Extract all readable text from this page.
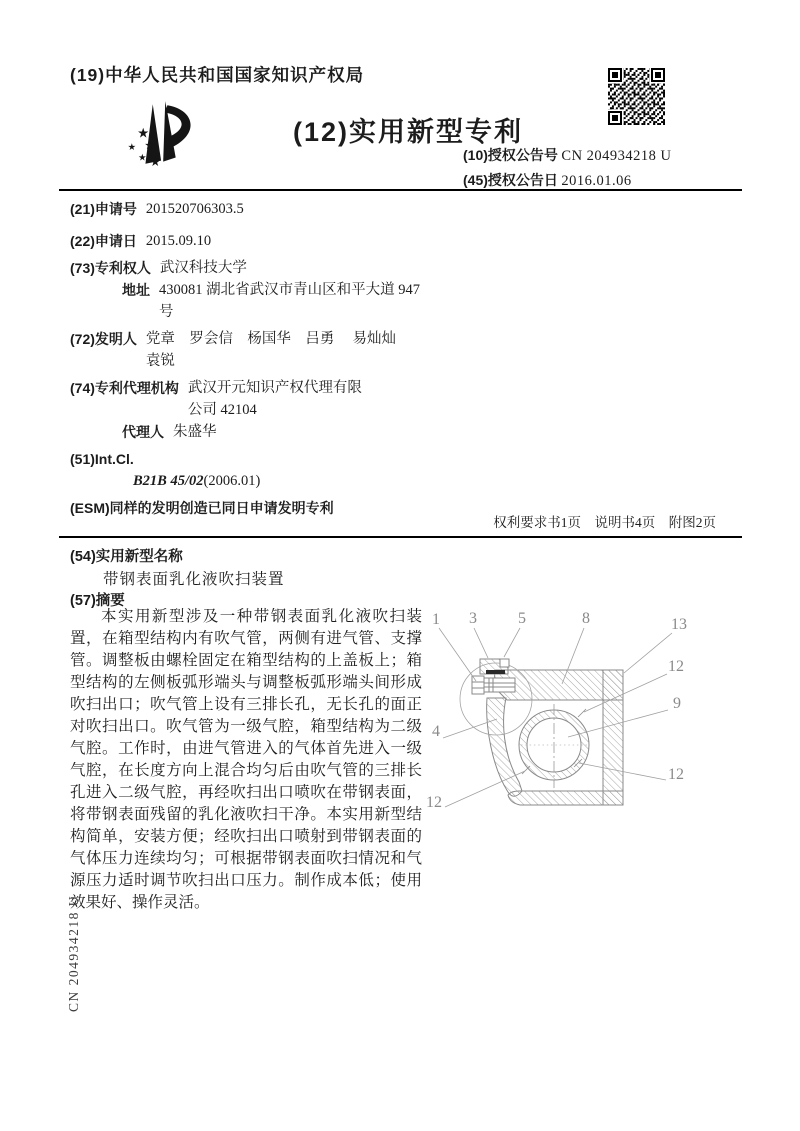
(19)中华人民共和国国家知识产权局
★
★
★
★ ★
(12)实用新型专利
(10)授权公告号 CN 204934218 U
(45)授权公告日 2016.01.06
(21)申请号 201520706303.5
(22)申请日 2015.09.10
(73)专利权人 武汉科技大学
地址 430081 湖北省武汉市青山区和平大道 947 号
(72)发明人 党章　罗会信　杨国华　吕勇　 易灿灿　袁锐
(74)专利代理机构 武汉开元知识产权代理有限 公司 42104
代理人 朱盛华
(51)Int.Cl.
B21B 45/02(2006.01)
(ESM)同样的发明创造已同日申请发明专利
权利要求书1页　说明书4页　附图2页
(54)实用新型名称
带钢表面乳化液吹扫装置
(57)摘要

本实用新型涉及一种带钢表面乳化液吹扫装置，在箱型结构内有吹气管，两侧有进气管、支撑管。调整板由螺栓固定在箱型结构的上盖板上；箱型结构的左侧板弧形端头与调整板弧形端头间形成吹扫出口；吹气管上设有三排长孔，无长孔的面正对吹扫出口。吹气管为一级气腔，箱型结构为二级气腔。工作时，由进气管进入的气体首先进入一级气腔，在长度方向上混合均匀后由吹气管的三排长孔进入二级气腔，再经吹扫出口喷吹在带钢表面，将带钢表面残留的乳化液吹扫干净。本实用新型结构简单，安装方便；经吹扫出口喷射到带钢表面的气体压力连续均匀；可根据带钢表面吹扫情况和气源压力适时调节吹扫出口压力。制作成本低；使用效果好、操作灵活。

1 3	5	8	13
12
9
12
4
12
CN 204934218 U
